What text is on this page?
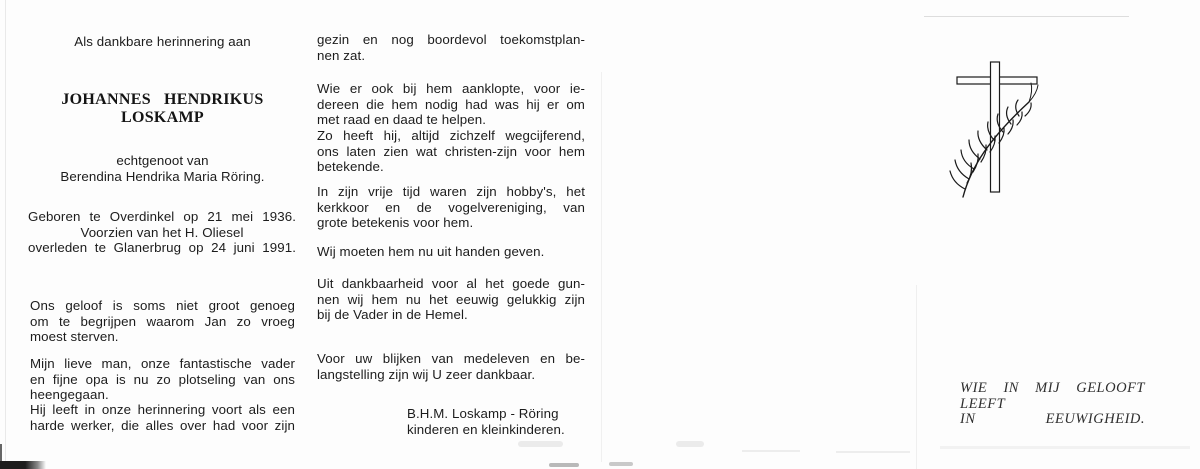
Als dankbare herinnering aan
JOHANNES HENDRIKUS LOSKAMP
echtgenoot van
Berendina Hendrika Maria Röring.
Geboren te Overdinkel op 21 mei 1936.
Voorzien van het H. Oliesel
overleden te Glanerbrug op 24 juni 1991.
Ons geloof is soms niet groot genoeg
om te begrijpen waarom Jan zo vroeg
moest sterven.
Mijn lieve man, onze fantastische vader
en fijne opa is nu zo plotseling van ons
heengegaan.
Hij leeft in onze herinnering voort als een
harde werker, die alles over had voor zijn
gezin en nog boordevol toekomstplan-
nen zat.
Wie er ook bij hem aanklopte, voor ie-
dereen die hem nodig had was hij er om
met raad en daad te helpen.
Zo heeft hij, altijd zichzelf wegcijferend,
ons laten zien wat christen-zijn voor hem
betekende.
In zijn vrije tijd waren zijn hobby's, het
kerkkoor en de vogelvereniging, van
grote betekenis voor hem.
Wij moeten hem nu uit handen geven.
Uit dankbaarheid voor al het goede gun-
nen wij hem nu het eeuwig gelukkig zijn
bij de Vader in de Hemel.
Voor uw blijken van medeleven en be-
langstelling zijn wij U zeer dankbaar.
B.H.M. Loskamp - Röring
kinderen en kleinkinderen.
WIE IN MIJ GELOOFT
LEEFT
IN EEUWIGHEID.
